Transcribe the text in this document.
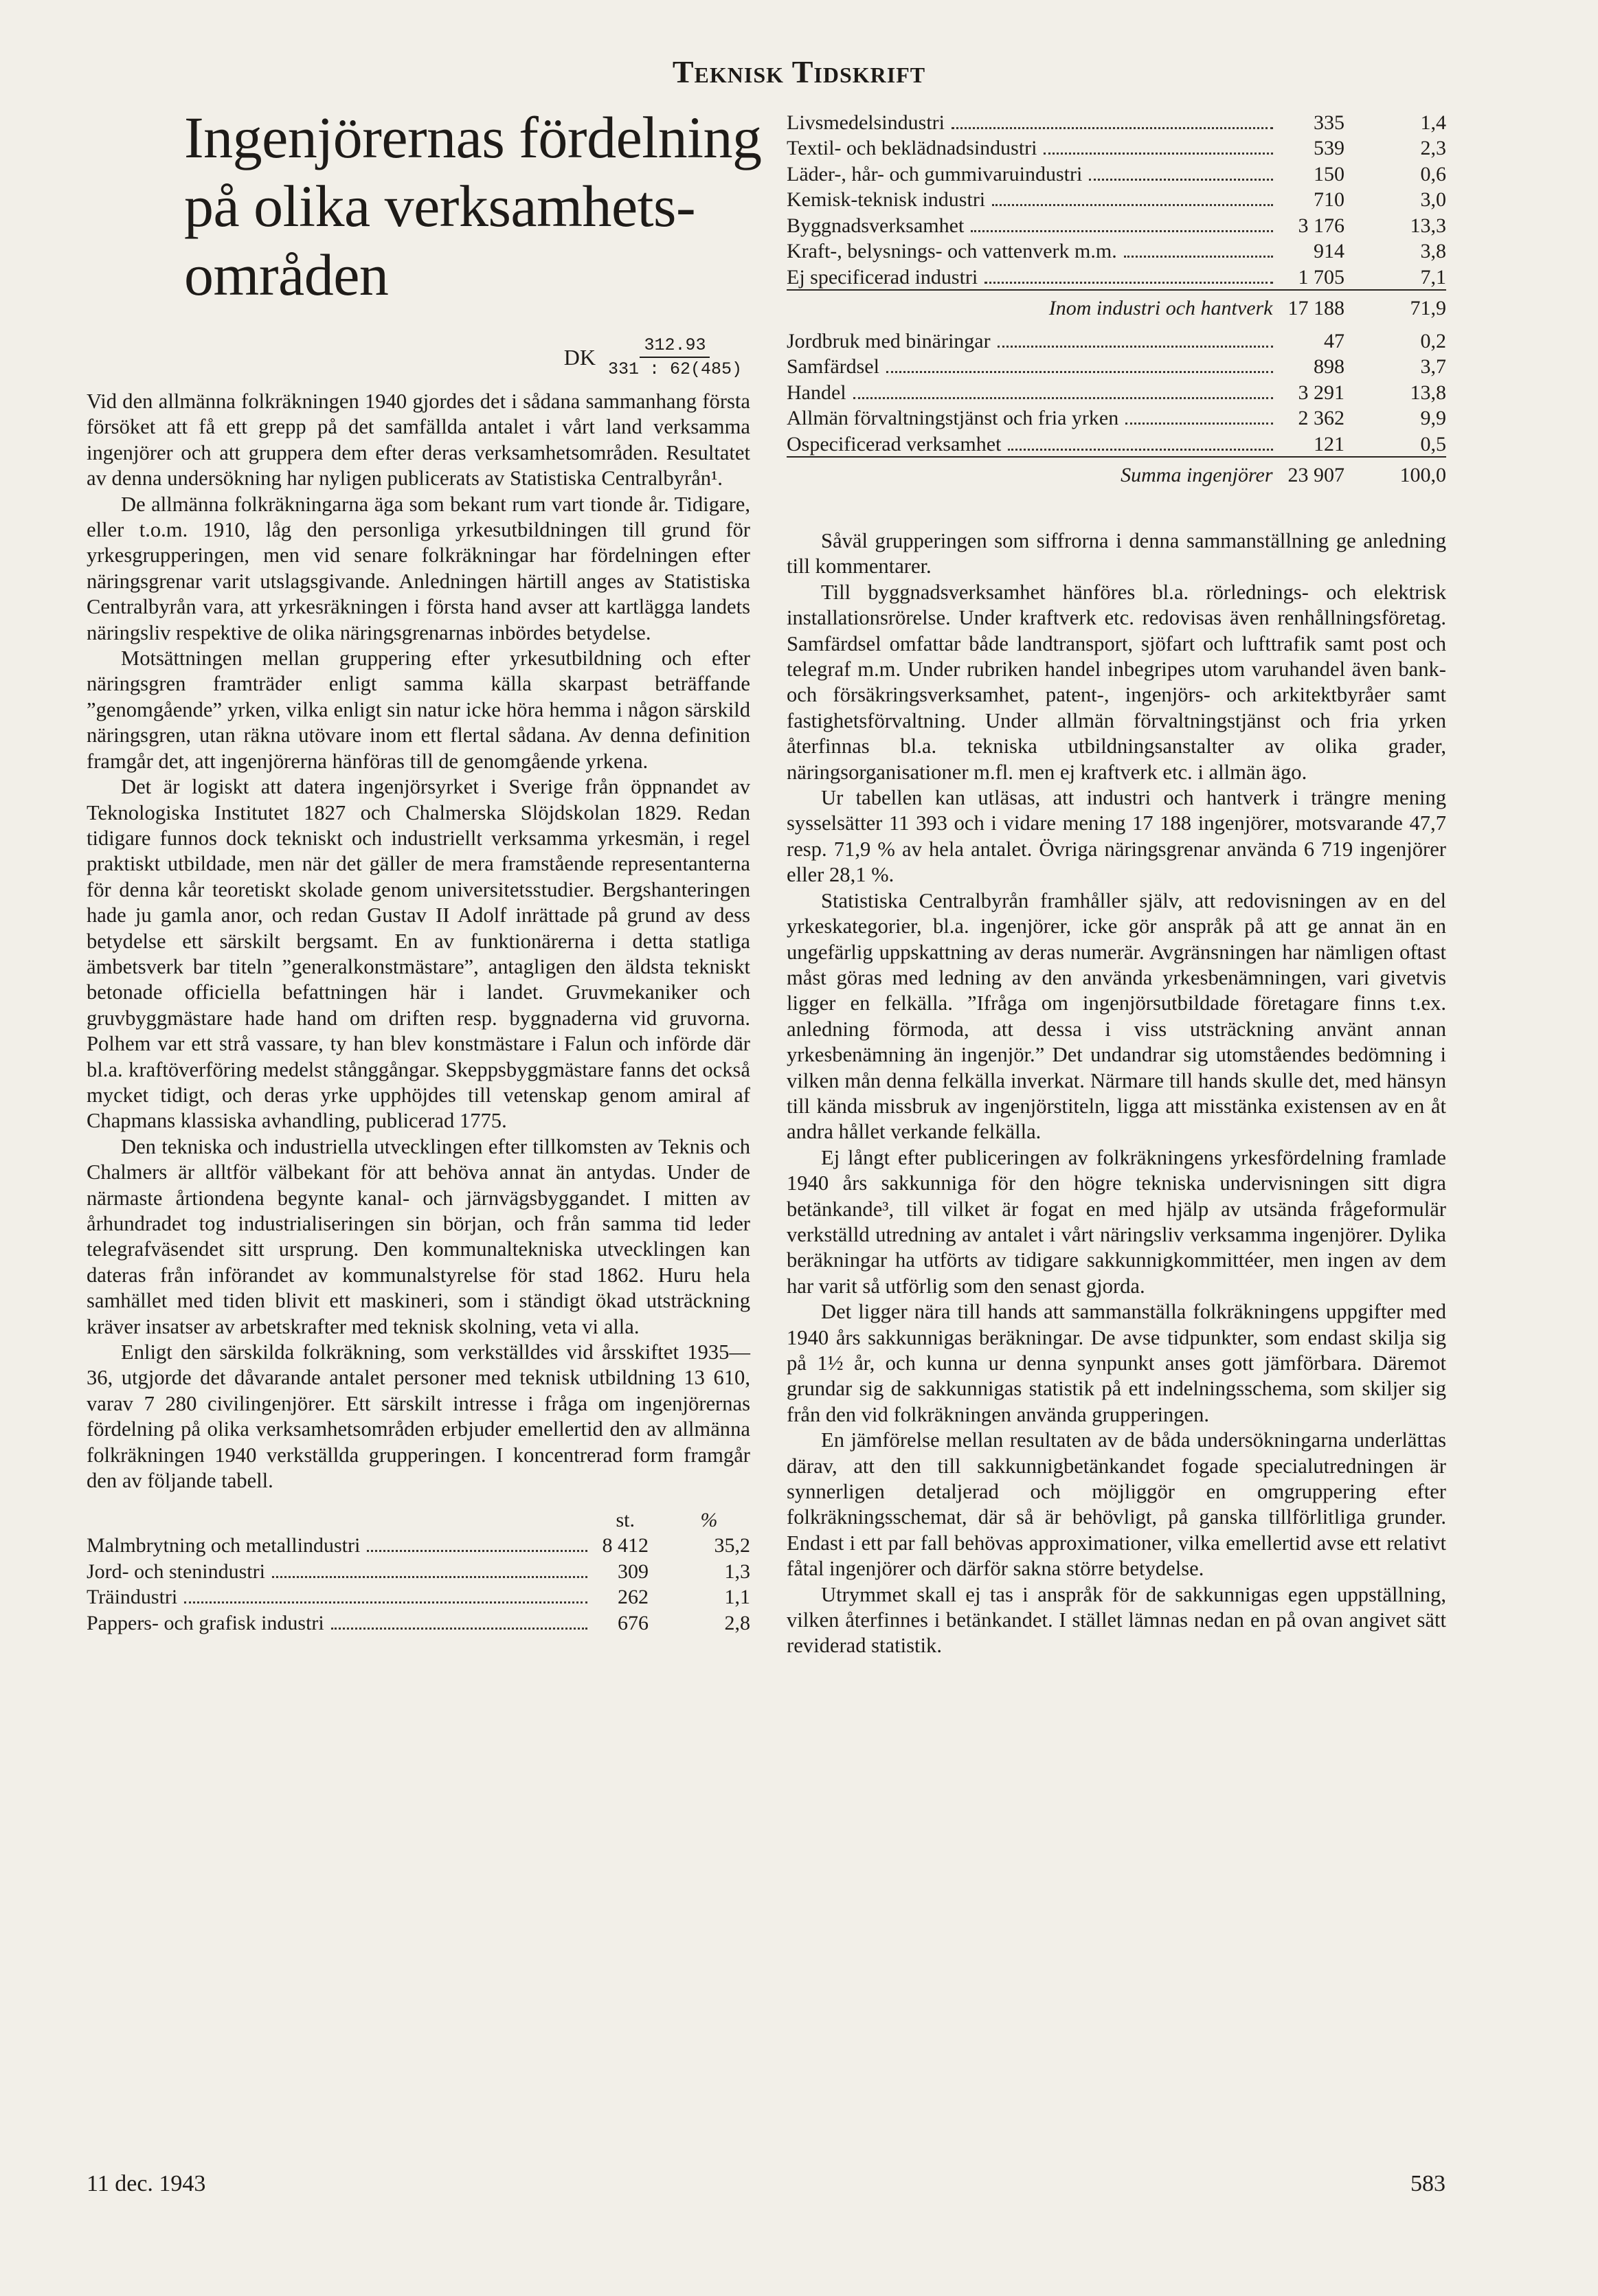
Teknisk Tidskrift
Ingenjörernas fördelning
på olika verksamhets-
områden
DK $\frac{312.93}{331 : 62(485)}$

Vid den allmänna folkräkningen 1940 gjordes det i sådana sammanhang första försöket att få ett grepp på det samfällda antalet i vårt land verksamma ingenjörer och att gruppera dem efter deras verksamhetsområden. Resultatet av denna undersökning har nyligen publicerats av Statistiska Centralbyrån¹.

De allmänna folkräkningarna äga som bekant rum vart tionde år. Tidigare, eller t.o.m. 1910, låg den personliga yrkesutbildningen till grund för yrkesgrupperingen, men vid senare folkräkningar har fördelningen efter näringsgrenar varit utslagsgivande. Anledningen härtill anges av Statistiska Centralbyrån vara, att yrkesräkningen i första hand avser att kartlägga landets näringsliv respektive de olika näringsgrenarnas inbördes betydelse.

Motsättningen mellan gruppering efter yrkesutbildning och efter näringsgren framträder enligt samma källa skarpast beträffande ”genomgående” yrken, vilka enligt sin natur icke höra hemma i någon särskild näringsgren, utan räkna utövare inom ett flertal sådana. Av denna definition framgår det, att ingenjörerna hänföras till de genomgående yrkena.

Det är logiskt att datera ingenjörsyrket i Sverige från öppnandet av Teknologiska Institutet 1827 och Chalmerska Slöjdskolan 1829. Redan tidigare funnos dock tekniskt och industriellt verksamma yrkesmän, i regel praktiskt utbildade, men när det gäller de mera framstående representanterna för denna kår teoretiskt skolade genom universitetsstudier. Bergshanteringen hade ju gamla anor, och redan Gustav II Adolf inrättade på grund av dess betydelse ett särskilt bergsamt. En av funktionärerna i detta statliga ämbetsverk bar titeln ”generalkonstmästare”, antagligen den äldsta tekniskt betonade officiella befattningen här i landet. Gruvmekaniker och gruvbyggmästare hade hand om driften resp. byggnaderna vid gruvorna. Polhem var ett strå vassare, ty han blev konstmästare i Falun och införde där bl.a. kraftöverföring medelst stånggångar. Skeppsbyggmästare fanns det också mycket tidigt, och deras yrke upphöjdes till vetenskap genom amiral af Chapmans klassiska avhandling, publicerad 1775.

Den tekniska och industriella utvecklingen efter tillkomsten av Teknis och Chalmers är alltför välbekant för att behöva annat än antydas. Under de närmaste årtiondena begynte kanal- och järnvägsbyggandet. I mitten av århundradet tog industrialiseringen sin början, och från samma tid leder telegrafväsendet sitt ursprung. Den kommunaltekniska utvecklingen kan dateras från införandet av kommunalstyrelse för stad 1862. Huru hela samhället med tiden blivit ett maskineri, som i ständigt ökad utsträckning kräver insatser av arbetskrafter med teknisk skolning, veta vi alla.

Enligt den särskilda folkräkning, som verkställdes vid årsskiftet 1935—36, utgjorde det dåvarande antalet personer med teknisk utbildning 13 610, varav 7 280 civilingenjörer. Ett särskilt intresse i fråga om ingenjörernas fördelning på olika verksamhetsområden erbjuder emellertid den av allmänna folkräkningen 1940 verkställda grupperingen. I koncentrerad form framgår den av följande tabell.

	st.	%

Malmbrytning och metallindustri	8 412	35,2

Jord- och stenindustri	309	1,3

Träindustri	262	1,1

Pappers- och grafisk industri	676	2,8
Livsmedelsindustri	335	1,4

Textil- och beklädnadsindustri	539	2,3

Läder-, hår- och gummivaruindustri	150	0,6

Kemisk-teknisk industri	710	3,0

Byggnadsverksamhet	3 176	13,3

Kraft-, belysnings- och vattenverk m.m.	914	3,8

Ej specificerad industri	1 705	7,1
Inom industri och hantverk	17 188	71,9

Jordbruk med binäringar	47	0,2

Samfärdsel	898	3,7

Handel	3 291	13,8

Allmän förvaltningstjänst och fria yrken	2 362	9,9

Ospecificerad verksamhet	121	0,5
Summa ingenjörer	23 907	100,0

Såväl grupperingen som siffrorna i denna sammanställning ge anledning till kommentarer.

Till byggnadsverksamhet hänföres bl.a. rörlednings- och elektrisk installationsrörelse. Under kraftverk etc. redovisas även renhållningsföretag. Samfärdsel omfattar både landtransport, sjöfart och lufttrafik samt post och telegraf m.m. Under rubriken handel inbegripes utom varuhandel även bank- och försäkringsverksamhet, patent-, ingenjörs- och arkitektbyråer samt fastighetsförvaltning. Under allmän förvaltningstjänst och fria yrken återfinnas bl.a. tekniska utbildningsanstalter av olika grader, näringsorganisationer m.fl. men ej kraftverk etc. i allmän ägo.

Ur tabellen kan utläsas, att industri och hantverk i trängre mening sysselsätter 11 393 och i vidare mening 17 188 ingenjörer, motsvarande 47,7 resp. 71,9 % av hela antalet. Övriga näringsgrenar använda 6 719 ingenjörer eller 28,1 %.

Statistiska Centralbyrån framhåller själv, att redovisningen av en del yrkeskategorier, bl.a. ingenjörer, icke gör anspråk på att ge annat än en ungefärlig uppskattning av deras numerär. Avgränsningen har nämligen oftast måst göras med ledning av den använda yrkesbenämningen, vari givetvis ligger en felkälla. ”Ifråga om ingenjörsutbildade företagare finns t.ex. anledning förmoda, att dessa i viss utsträckning använt annan yrkesbenämning än ingenjör.” Det undandrar sig utomståendes bedömning i vilken mån denna felkälla inverkat. Närmare till hands skulle det, med hänsyn till kända missbruk av ingenjörstiteln, ligga att misstänka existensen av en åt andra hållet verkande felkälla.

Ej långt efter publiceringen av folkräkningens yrkesfördelning framlade 1940 års sakkunniga för den högre tekniska undervisningen sitt digra betänkande³, till vilket är fogat en med hjälp av utsända frågeformulär verkställd utredning av antalet i vårt näringsliv verksamma ingenjörer. Dylika beräkningar ha utförts av tidigare sakkunnigkommittéer, men ingen av dem har varit så utförlig som den senast gjorda.

Det ligger nära till hands att sammanställa folkräkningens uppgifter med 1940 års sakkunnigas beräkningar. De avse tidpunkter, som endast skilja sig på 1½ år, och kunna ur denna synpunkt anses gott jämförbara. Däremot grundar sig de sakkunnigas statistik på ett indelningsschema, som skiljer sig från den vid folkräkningen använda grupperingen.

En jämförelse mellan resultaten av de båda undersökningarna underlättas därav, att den till sakkunnigbetänkandet fogade specialutredningen är synnerligen detaljerad och möjliggör en omgruppering efter folkräkningsschemat, där så är behövligt, på ganska tillförlitliga grunder. Endast i ett par fall behövas approximationer, vilka emellertid avse ett relativt fåtal ingenjörer och därför sakna större betydelse.

Utrymmet skall ej tas i anspråk för de sakkunnigas egen uppställning, vilken återfinnes i betänkandet. I stället lämnas nedan en på ovan angivet sätt reviderad statistik.

11 dec. 1943	583
